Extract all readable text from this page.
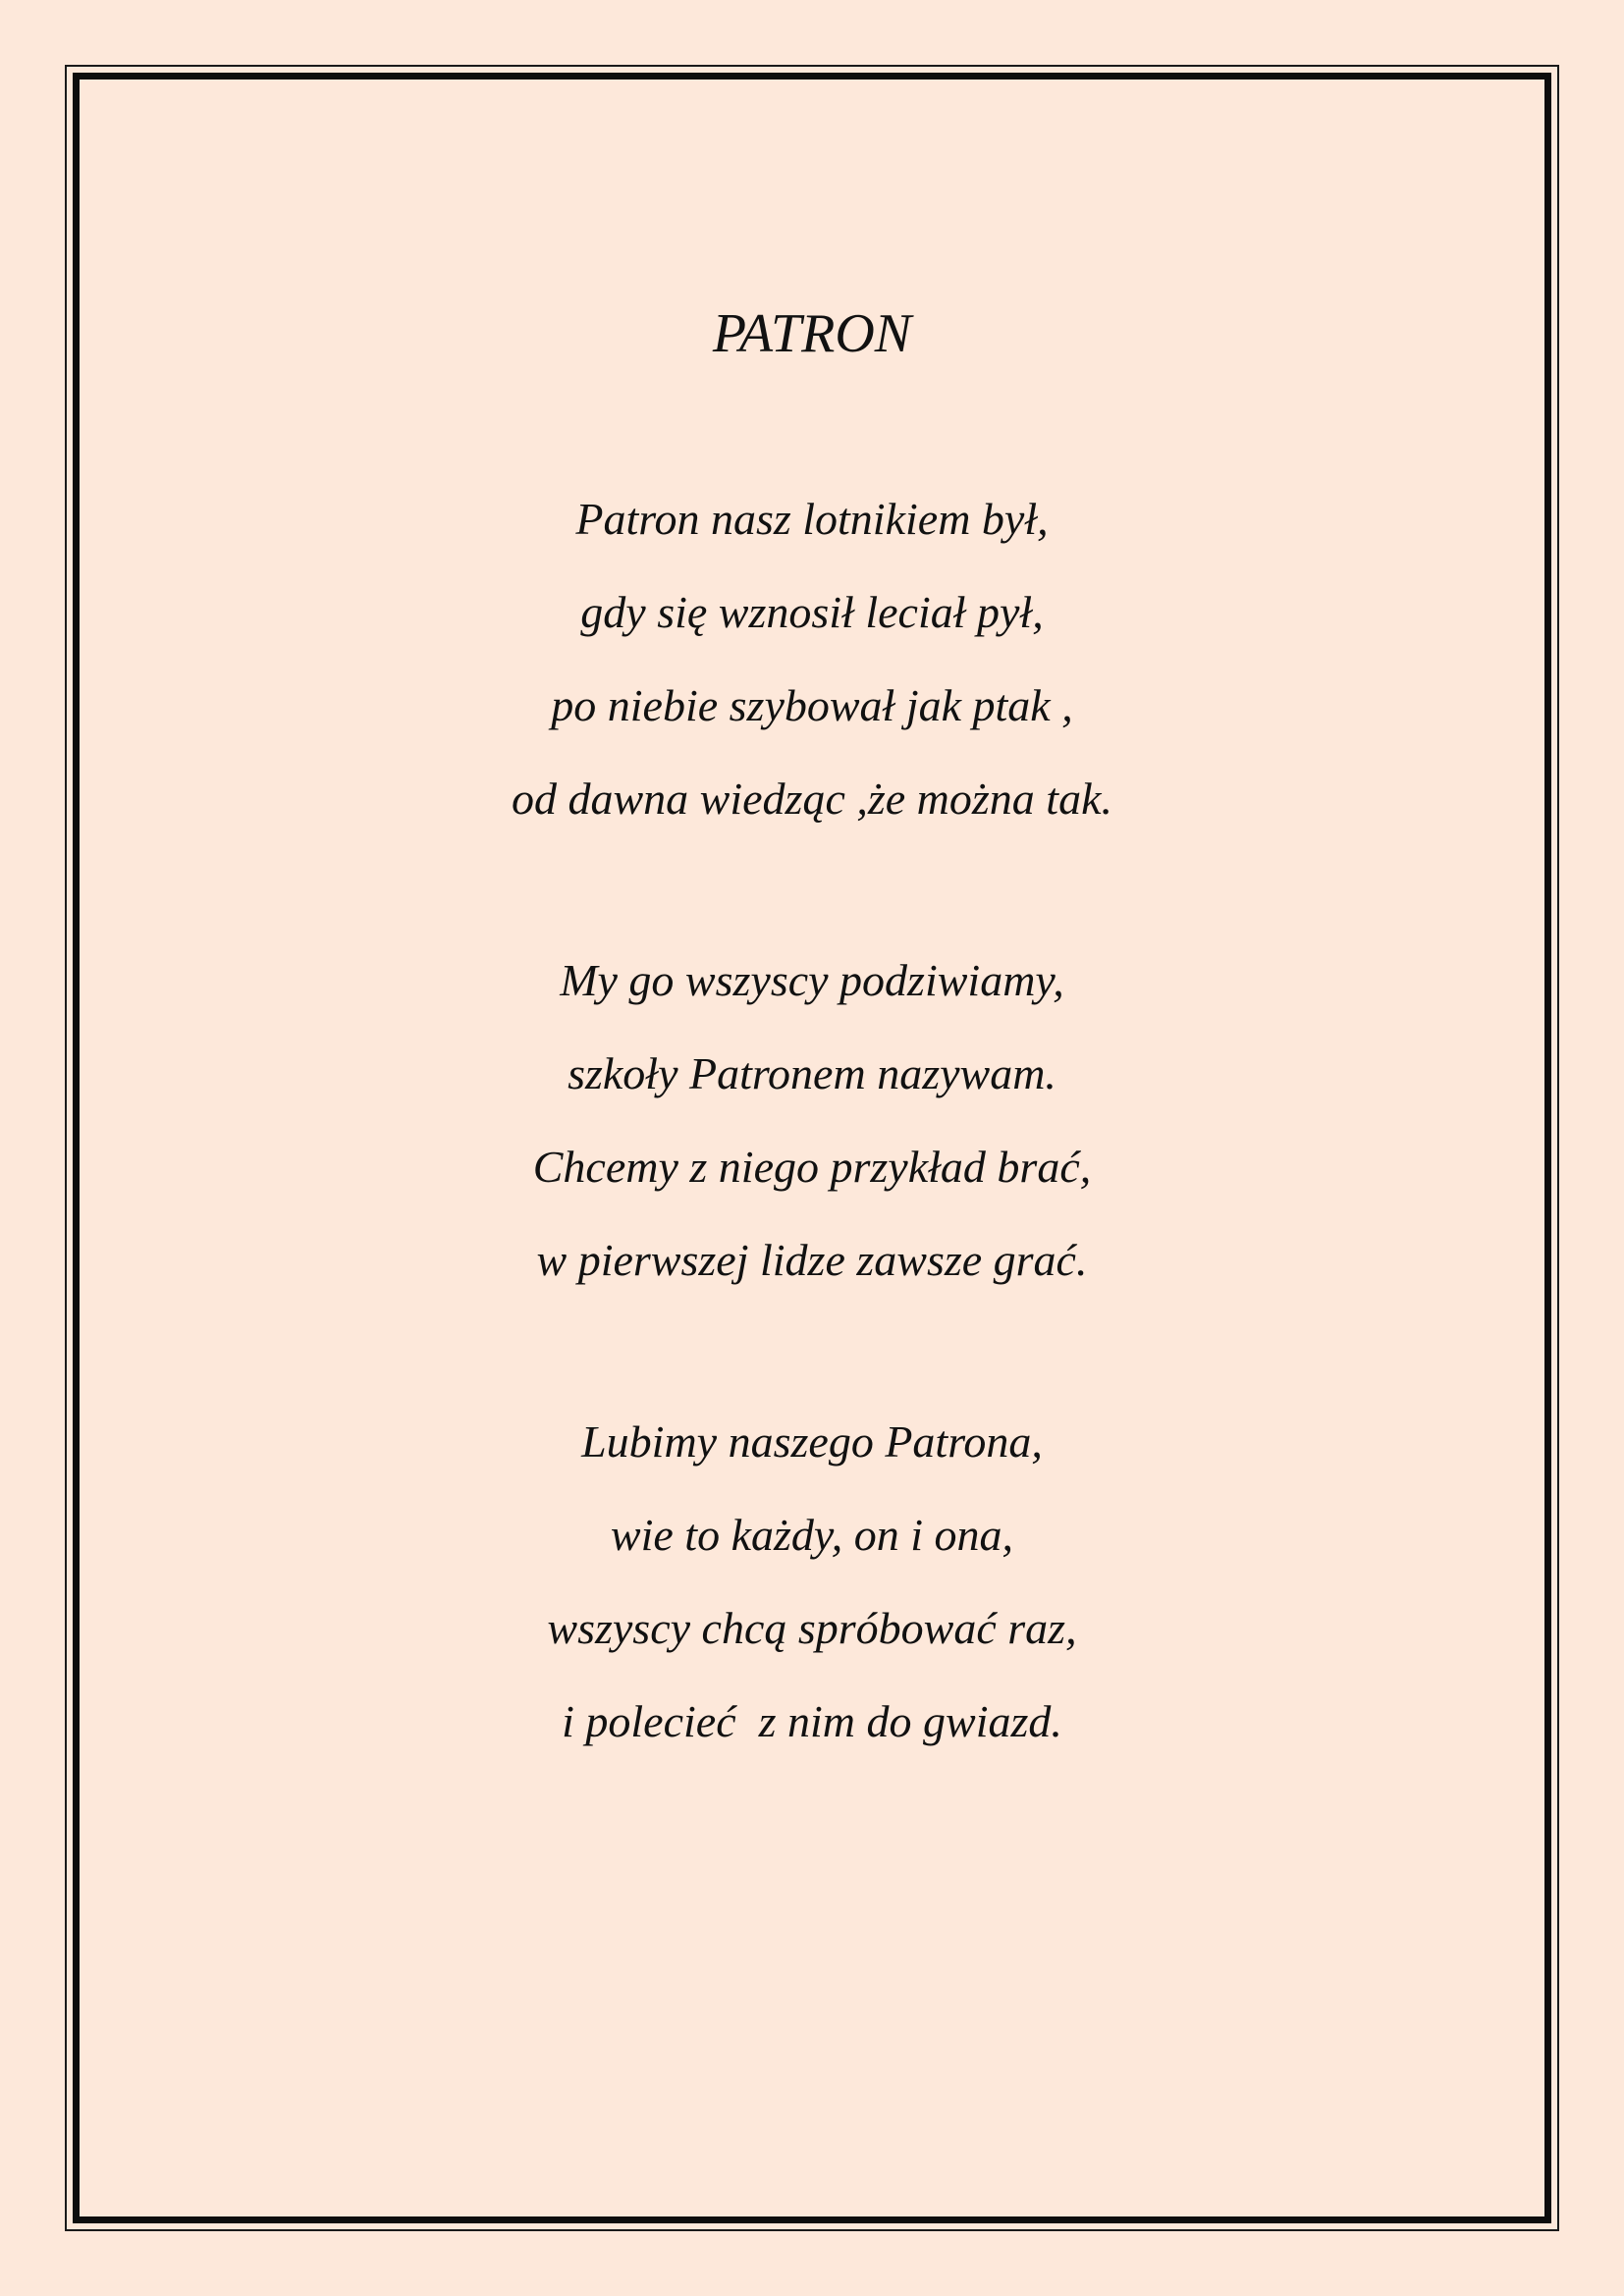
PATRON
Patron nasz lotnikiem był,
gdy się wznosił leciał pył,
po niebie szybował jak ptak ,
od dawna wiedząc ,że można tak.
My go wszyscy podziwiamy,
szkoły Patronem nazywam.
Chcemy z niego przykład brać,
w pierwszej lidze zawsze grać.
Lubimy naszego Patrona,
wie to każdy, on i ona,
wszyscy chcą spróbować raz,
i polecieć  z nim do gwiazd.
